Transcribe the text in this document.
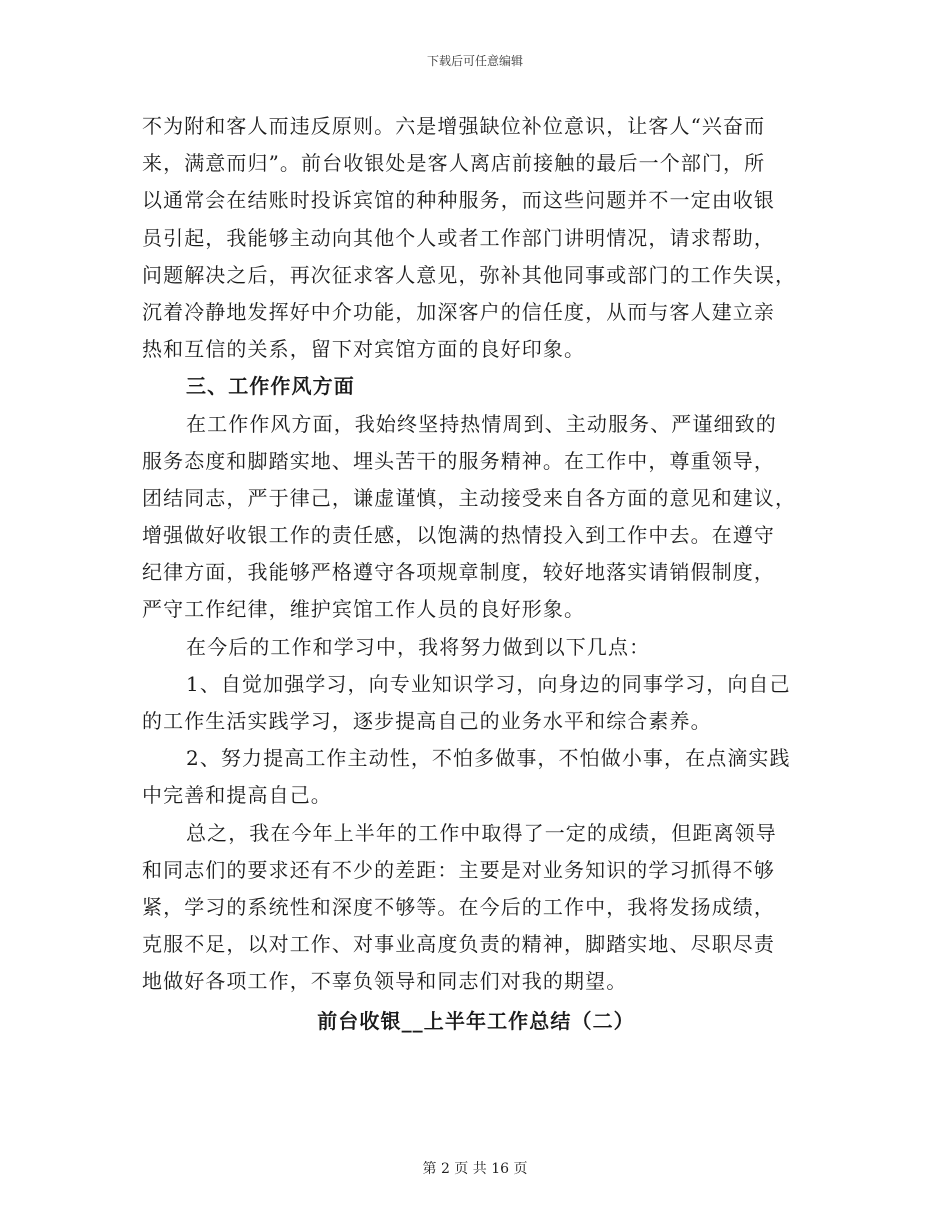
下载后可任意编辑
不为附和客人而违反原则。六是增强缺位补位意识，让客人“兴奋而
来，满意而归”。前台收银处是客人离店前接触的最后一个部门，所
以通常会在结账时投诉宾馆的种种服务，而这些问题并不一定由收银
员引起，我能够主动向其他个人或者工作部门讲明情况，请求帮助，
问题解决之后，再次征求客人意见，弥补其他同事或部门的工作失误，
沉着冷静地发挥好中介功能，加深客户的信任度，从而与客人建立亲
热和互信的关系，留下对宾馆方面的良好印象。
三、工作作风方面
在工作作风方面，我始终坚持热情周到、主动服务、严谨细致的
服务态度和脚踏实地、埋头苦干的服务精神。在工作中，尊重领导，
团结同志，严于律己，谦虚谨慎，主动接受来自各方面的意见和建议，
增强做好收银工作的责任感，以饱满的热情投入到工作中去。在遵守
纪律方面，我能够严格遵守各项规章制度，较好地落实请销假制度，
严守工作纪律，维护宾馆工作人员的良好形象。
在今后的工作和学习中，我将努力做到以下几点：
1、自觉加强学习，向专业知识学习，向身边的同事学习，向自己
的工作生活实践学习，逐步提高自己的业务水平和综合素养。
2、努力提高工作主动性，不怕多做事，不怕做小事，在点滴实践
中完善和提高自己。
总之，我在今年上半年的工作中取得了一定的成绩，但距离领导
和同志们的要求还有不少的差距：主要是对业务知识的学习抓得不够
紧，学习的系统性和深度不够等。在今后的工作中，我将发扬成绩，
克服不足，以对工作、对事业高度负责的精神，脚踏实地、尽职尽责
地做好各项工作，不辜负领导和同志们对我的期望。
前台收银__上半年工作总结（二）
第 2 页 共 16 页
